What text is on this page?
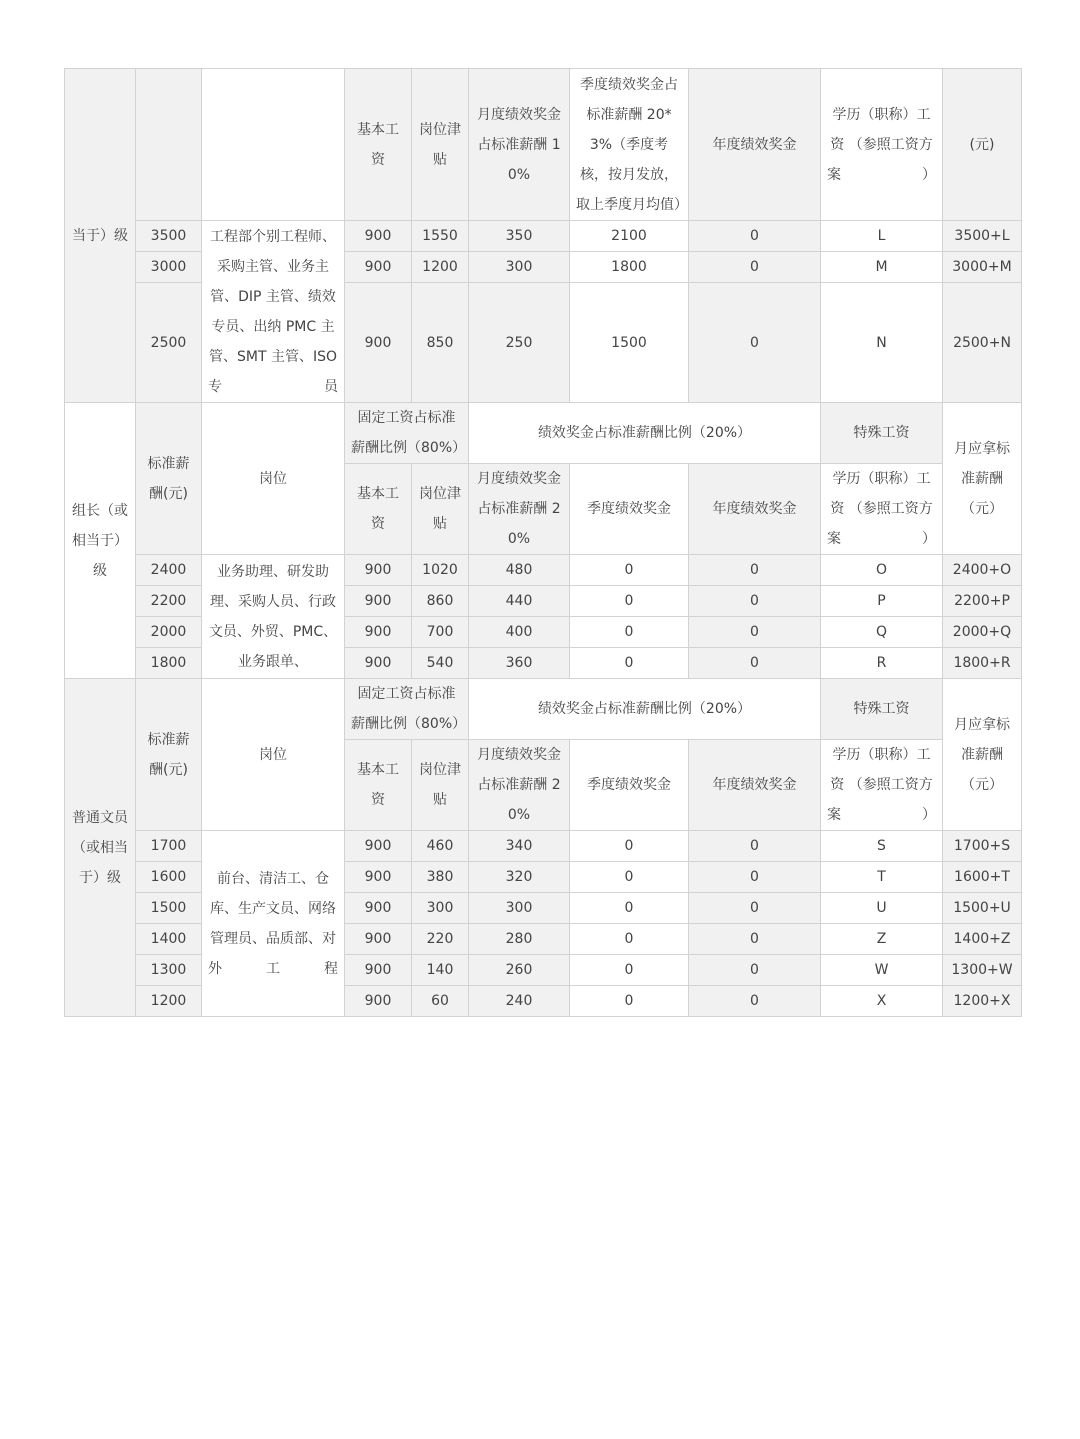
当于）级			基本工资	岗位津贴	月度绩效奖金占标准薪酬 10%	季度绩效奖金占标准薪酬 20*3%（季度考核，按月发放，取上季度月均值）	年度绩效奖金	学历（职称）工资 （参照工资方案）	(元)
	3500	工程部个别工程师、采购主管、业务主管、DIP 主管、绩效专员、出纳 PMC 主管、SMT 主管、ISO 专员	900	1550	350	2100	0	L	3500+L
	3000		900	1200	300	1800	0	M	3000+M
	2500		900	850	250	1500	0	N	2500+N
组长（或相当于）级	标准薪酬(元)	岗位	固定工资占标准薪酬比例（80%）		绩效奖金占标准薪酬比例（20%）			特殊工资	月应拿标准薪酬（元）
			基本工资	岗位津贴	月度绩效奖金占标准薪酬 20%	季度绩效奖金	年度绩效奖金	学历（职称）工资 （参照工资方案）	
	2400	业务助理、研发助理、采购人员、行政文员、外贸、PMC、业务跟单、	900	1020	480	0	0	O	2400+O
	2200		900	860	440	0	0	P	2200+P
	2000		900	700	400	0	0	Q	2000+Q
	1800		900	540	360	0	0	R	1800+R
普通文员（或相当于）级	标准薪酬(元)	岗位	固定工资占标准薪酬比例（80%）		绩效奖金占标准薪酬比例（20%）			特殊工资	月应拿标准薪酬（元）
			基本工资	岗位津贴	月度绩效奖金占标准薪酬 20%	季度绩效奖金	年度绩效奖金	学历（职称）工资 （参照工资方案）	
	1700	前台、清洁工、仓库、生产文员、网络管理员、品质部、对外工程	900	460	340	0	0	S	1700+S
	1600		900	380	320	0	0	T	1600+T
	1500		900	300	300	0	0	U	1500+U
	1400		900	220	280	0	0	Z	1400+Z
	1300		900	140	260	0	0	W	1300+W
	1200		900	60	240	0	0	X	1200+X
